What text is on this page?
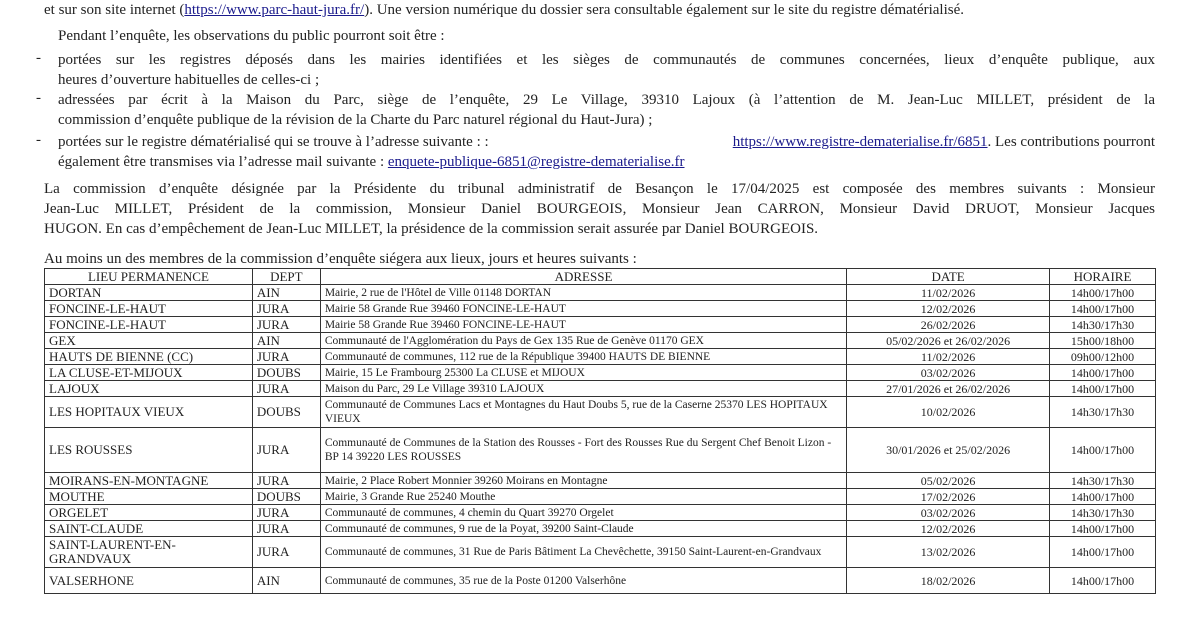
et sur son site internet (https://www.parc-haut-jura.fr/). Une version numérique du dossier sera consultable également sur le site du registre dématérialisé.
Pendant l’enquête, les observations du public pourront soit être :
- portées sur les registres déposés dans les mairies identifiées et les sièges de communautés de communes concernées, lieux d’enquête publique, aux
heures d’ouverture habituelles de celles-ci ;
- adressées par écrit à la Maison du Parc, siège de l’enquête, 29 Le Village, 39310 Lajoux (à l’attention de M. Jean-Luc MILLET, président de la
commission d’enquête publique de la révision de la Charte du Parc naturel régional du Haut-Jura) ;
- portées sur le registre dématérialisé qui se trouve à l’adresse suivante : :	https://www.registre-dematerialise.fr/6851. Les contributions pourront
également être transmises via l’adresse mail suivante : enquete-publique-6851@registre-dematerialise.fr
La commission d’enquête désignée par la Présidente du tribunal administratif de Besançon le 17/04/2025 est composée des membres suivants : Monsieur
Jean-Luc MILLET, Président de la commission, Monsieur Daniel BOURGEOIS, Monsieur Jean CARRON, Monsieur David DRUOT, Monsieur Jacques
HUGON. En cas d’empêchement de Jean-Luc MILLET, la présidence de la commission serait assurée par Daniel BOURGEOIS.
Au moins un des membres de la commission d’enquête siégera aux lieux, jours et heures suivants :
LIEU PERMANENCE	DEPT	ADRESSE	DATE	HORAIRE
DORTAN	AIN	Mairie, 2 rue de l'Hôtel de Ville 01148 DORTAN	11/02/2026	14h00/17h00
FONCINE-LE-HAUT	JURA	Mairie 58 Grande Rue 39460 FONCINE-LE-HAUT	12/02/2026	14h00/17h00
FONCINE-LE-HAUT	JURA	Mairie 58 Grande Rue 39460 FONCINE-LE-HAUT	26/02/2026	14h30/17h30
GEX	AIN	Communauté de l'Agglomération du Pays de Gex 135 Rue de Genève 01170 GEX	05/02/2026 et 26/02/2026	15h00/18h00
HAUTS DE BIENNE (CC)	JURA	Communauté de communes, 112 rue de la République 39400 HAUTS DE BIENNE	11/02/2026	09h00/12h00
LA CLUSE-ET-MIJOUX	DOUBS	Mairie, 15 Le Frambourg 25300 La CLUSE et MIJOUX	03/02/2026	14h00/17h00
LAJOUX	JURA	Maison du Parc, 29 Le Village 39310 LAJOUX	27/01/2026 et 26/02/2026	14h00/17h00
LES HOPITAUX VIEUX	DOUBS	Communauté de Communes Lacs et Montagnes du Haut Doubs 5, rue de la Caserne 25370 LES HOPITAUX VIEUX	10/02/2026	14h30/17h30
LES ROUSSES	JURA	Communauté de Communes de la Station des Rousses - Fort des Rousses Rue du Sergent Chef Benoit Lizon - BP 14 39220 LES ROUSSES	30/01/2026 et 25/02/2026	14h00/17h00
MOIRANS-EN-MONTAGNE	JURA	Mairie, 2 Place Robert Monnier 39260 Moirans en Montagne	05/02/2026	14h30/17h30
MOUTHE	DOUBS	Mairie, 3 Grande Rue 25240 Mouthe	17/02/2026	14h00/17h00
ORGELET	JURA	Communauté de communes, 4 chemin du Quart 39270 Orgelet	03/02/2026	14h30/17h30
SAINT-CLAUDE	JURA	Communauté de communes, 9 rue de la Poyat, 39200 Saint-Claude	12/02/2026	14h00/17h00
SAINT-LAURENT-EN-GRANDVAUX	JURA	Communauté de communes, 31 Rue de Paris Bâtiment La Chevêchette, 39150 Saint-Laurent-en-Grandvaux	13/02/2026	14h00/17h00
VALSERHONE	AIN	Communauté de communes, 35 rue de la Poste 01200 Valserhône	18/02/2026	14h00/17h00
